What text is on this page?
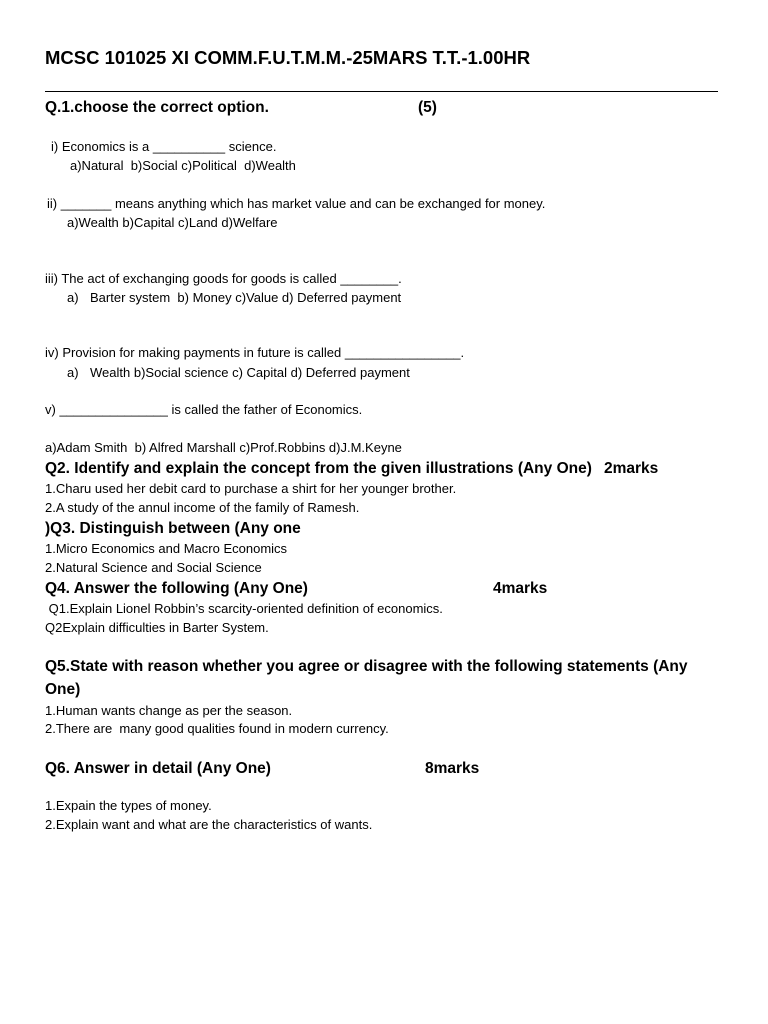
MCSC 101025 XI COMM.F.U.T.M.M.-25MARS T.T.-1.00HR
Q.1.choose the correct option.	(5)
i) Economics is a __________ science.
a)Natural  b)Social c)Political  d)Wealth
ii) _______ means anything which has market value and can be exchanged for money.
a)Wealth b)Capital c)Land d)Welfare
iii) The act of exchanging goods for goods is called ________.
a) Barter system  b) Money c)Value d) Deferred payment
iv) Provision for making payments in future is called ________________.
a) Wealth b)Social science c) Capital d) Deferred payment
v) _______________ is called the father of Economics.
a)Adam Smith  b) Alfred Marshall c)Prof.Robbins d)J.M.Keyne
Q2. Identify and explain the concept from the given illustrations (Any One) 2marks
1.Charu used her debit card to purchase a shirt for her younger brother.
2.A study of the annul income of the family of Ramesh.
)Q3. Distinguish between (Any one
1.Micro Economics and Macro Economics
2.Natural Science and Social Science
Q4. Answer the following (Any One)	4marks
Q1.Explain Lionel Robbin’s scarcity-oriented definition of economics.
Q2Explain difficulties in Barter System.
Q5.State with reason whether you agree or disagree with the following statements (Any
One)
1.Human wants change as per the season.
2.There are  many good qualities found in modern currency.
Q6. Answer in detail (Any One)	8marks
1.Expain the types of money.
2.Explain want and what are the characteristics of wants.
